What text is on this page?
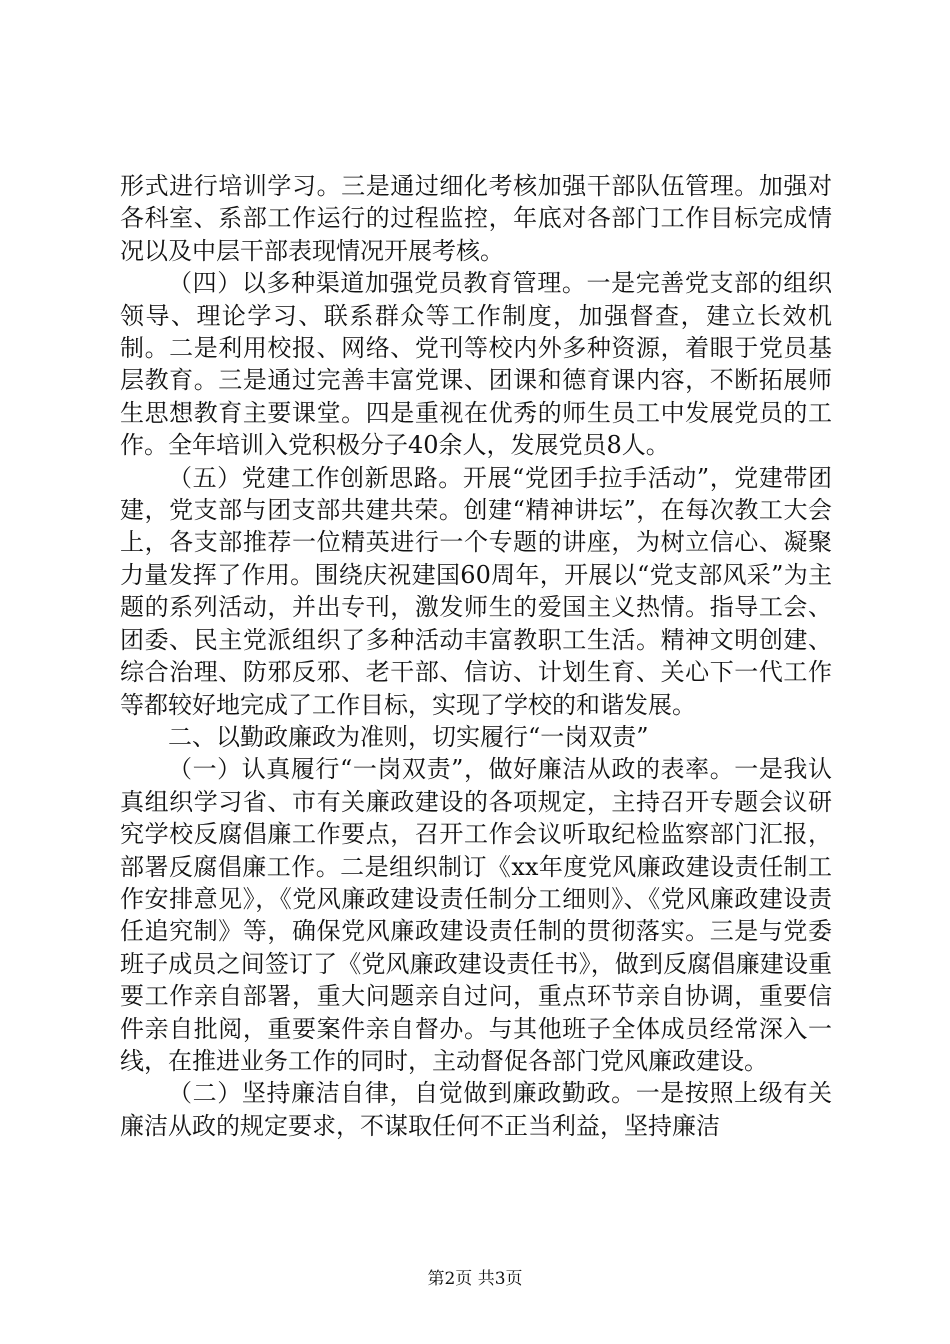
形式进行培训学习。三是通过细化考核加强干部队伍管理。加强对各科室、系部工作运行的过程监控，年底对各部门工作目标完成情况以及中层干部表现情况开展考核。

（四）以多种渠道加强党员教育管理。一是完善党支部的组织领导、理论学习、联系群众等工作制度，加强督查，建立长效机制。二是利用校报、网络、党刊等校内外多种资源，着眼于党员基层教育。三是通过完善丰富党课、团课和德育课内容，不断拓展师生思想教育主要课堂。四是重视在优秀的师生员工中发展党员的工作。全年培训入党积极分子40余人，发展党员8人。

（五）党建工作创新思路。开展“党团手拉手活动”，党建带团建，党支部与团支部共建共荣。创建“精神讲坛”，在每次教工大会上，各支部推荐一位精英进行一个专题的讲座，为树立信心、凝聚力量发挥了作用。围绕庆祝建国60周年，开展以“党支部风采”为主题的系列活动，并出专刊，激发师生的爱国主义热情。指导工会、团委、民主党派组织了多种活动丰富教职工生活。精神文明创建、综合治理、防邪反邪、老干部、信访、计划生育、关心下一代工作等都较好地完成了工作目标，实现了学校的和谐发展。

二、以勤政廉政为准则，切实履行“一岗双责”

（一）认真履行“一岗双责”，做好廉洁从政的表率。一是我认真组织学习省、市有关廉政建设的各项规定，主持召开专题会议研究学校反腐倡廉工作要点，召开工作会议听取纪检监察部门汇报，部署反腐倡廉工作。二是组织制订《xx年度党风廉政建设责任制工作安排意见》，《党风廉政建设责任制分工细则》、《党风廉政建设责任追究制》等，确保党风廉政建设责任制的贯彻落实。三是与党委班子成员之间签订了《党风廉政建设责任书》，做到反腐倡廉建设重要工作亲自部署，重大问题亲自过问，重点环节亲自协调，重要信件亲自批阅，重要案件亲自督办。与其他班子全体成员经常深入一线，在推进业务工作的同时，主动督促各部门党风廉政建设。

（二）坚持廉洁自律，自觉做到廉政勤政。一是按照上级有关廉洁从政的规定要求，不谋取任何不正当利益，坚持廉洁

第2页 共3页
